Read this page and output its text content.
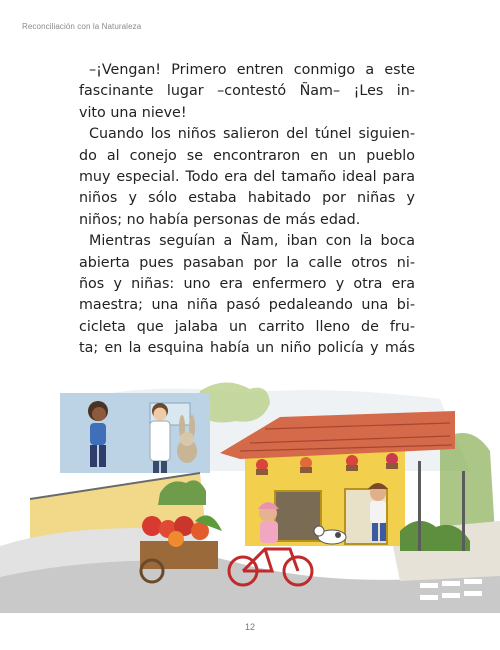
Reconciliación con la Naturaleza
–¡Vengan! Primero entren conmigo a este
fascinante lugar –contestó Ñam– ¡Les in-
vito una nieve!
Cuando los niños salieron del túnel siguien-
do al conejo se encontraron en un pueblo
muy especial. Todo era del tamaño ideal para
niños y sólo estaba habitado por niñas y
niños; no había personas de más edad.
Mientras seguían a Ñam, iban con la boca
abierta pues pasaban por la calle otros ni-
ños y niñas: uno era enfermero y otra era
maestra; una niña pasó pedaleando una bi-
cicleta que jalaba un carrito lleno de fru-
ta; en la esquina había un niño policía y más
12
